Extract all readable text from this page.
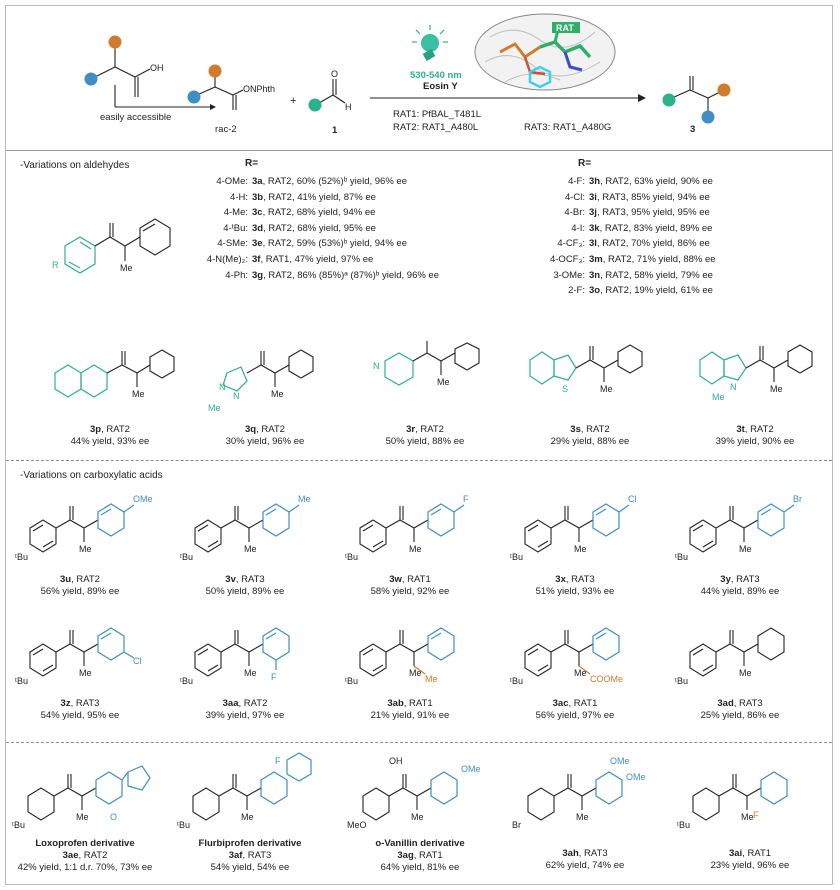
OH
easily accessible
ONPhth
rac-2
+
O
H
1
530-540 nm
Eosin Y
RAT
RAT1: PfBAL_T481L
RAT2: RAT1_A480L	RAT3: RAT1_A480G	3
-Variations on aldehydes	R=	R=
Me
R
4-OMe: 3a, RAT2, 60% (52%)ᵇ yield, 96% ee
4-H: 3b, RAT2, 41% yield, 87% ee
4-Me: 3c, RAT2, 68% yield, 94% ee
4-ᵗBu: 3d, RAT2, 68% yield, 95% ee
4-SMe: 3e, RAT2, 59% (53%)ᵇ yield, 94% ee
4-N(Me)₂: 3f, RAT1, 47% yield, 97% ee
4-Ph: 3g, RAT2, 86% (85%)ᵃ (87%)ᵇ yield, 96% ee
4-F: 3h, RAT2, 63% yield, 90% ee
4-Cl: 3i, RAT3, 85% yield, 94% ee
4-Br: 3j, RAT3, 95% yield, 95% ee
4-I: 3k, RAT2, 83% yield, 89% ee
4-CF₃: 3l, RAT2, 70% yield, 86% ee
4-OCF₃: 3m, RAT2, 71% yield, 88% ee
3-OMe: 3n, RAT2, 58% yield, 79% ee
2-F: 3o, RAT2, 19% yield, 61% ee
Me
N
N
Me
Me
N
Me
S	Me	N
Me
Me
3p, RAT2
44% yield, 93% ee
3q, RAT2
30% yield, 96% ee
3r, RAT2
50% yield, 88% ee
3s, RAT2
29% yield, 88% ee
3t, RAT2
39% yield, 90% ee
-Variations on carboxylatic acids
ᵗBu
Me
OMe
3u, RAT2
56% yield, 89% ee
ᵗBu
Me
Me
3v, RAT3
50% yield, 89% ee
ᵗBu
Me
F
3w, RAT1
58% yield, 92% ee
ᵗBu
Me
Cl
3x, RAT3
51% yield, 93% ee
ᵗBu
Me
Br
3y, RAT3
44% yield, 89% ee
ᵗBu
Me
Cl
3z, RAT3
54% yield, 95% ee
ᵗBu
Me F
3aa, RAT2
39% yield, 97% ee
ᵗBu
Me
Me
3ab, RAT1
21% yield, 91% ee
ᵗBu
Me
COOMe
3ac, RAT1
56% yield, 97% ee
ᵗBu
Me
3ad, RAT3
25% yield, 86% ee
ᵗBu
Me O
Loxoprofen derivative
3ae, RAT2
42% yield, 1:1 d.r. 70%, 73% ee
ᵗBu
Me
F
Flurbiprofen derivative
3af, RAT3
54% yield, 54% ee
MeO
Me
OH
OMe
o-Vanillin derivative
3ag, RAT1
64% yield, 81% ee
Br
Me
OMe
OMe
3ah, RAT3
62% yield, 74% ee
ᵗBu
Me F
3ai, RAT1
23% yield, 96% ee
